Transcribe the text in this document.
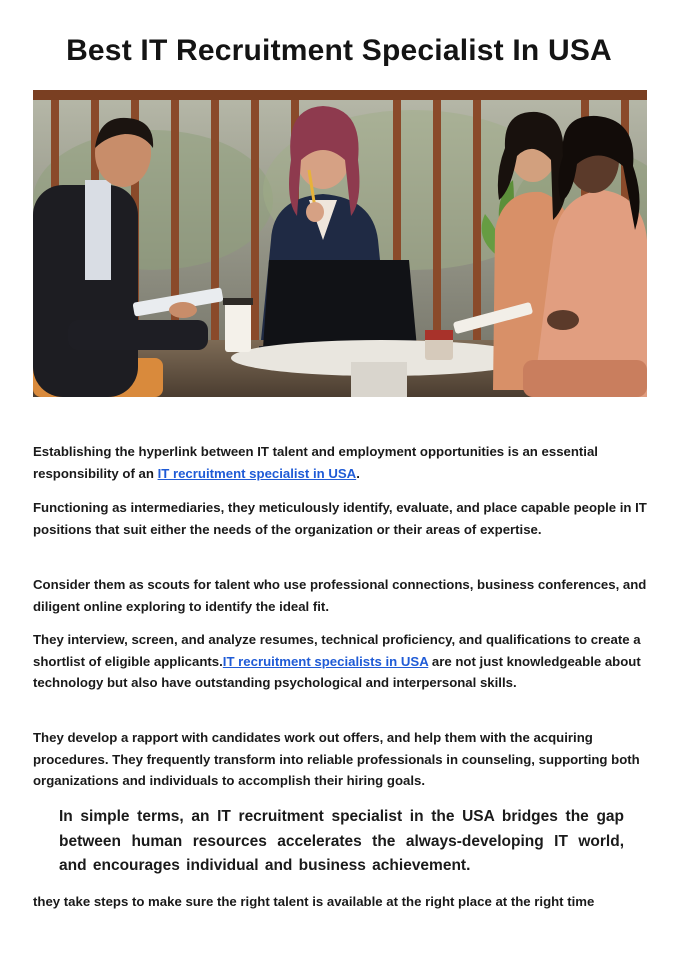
Best IT Recruitment Specialist In USA

Establishing the hyperlink between IT talent and employment opportunities is an essential responsibility of an IT recruitment specialist in USA.

Functioning as intermediaries, they meticulously identify, evaluate, and place capable people in IT positions that suit either the needs of the organization or their areas of expertise.

Consider them as scouts for talent who use professional connections, business conferences, and diligent online exploring to identify the ideal fit.

They interview, screen, and analyze resumes, technical proficiency, and qualifications to create a shortlist of eligible applicants.IT recruitment specialists in USA are not just knowledgeable about technology but also have outstanding psychological and interpersonal skills.

They develop a rapport with candidates work out offers, and help them with the acquiring procedures. They frequently transform into reliable professionals in counseling, supporting both organizations and individuals to accomplish their hiring goals.

In simple terms, an IT recruitment specialist in the USA bridges the gap between human resources accelerates the always-developing IT world, and encourages individual and business achievement.

they take steps to make sure the right talent is available at the right place at the right time
